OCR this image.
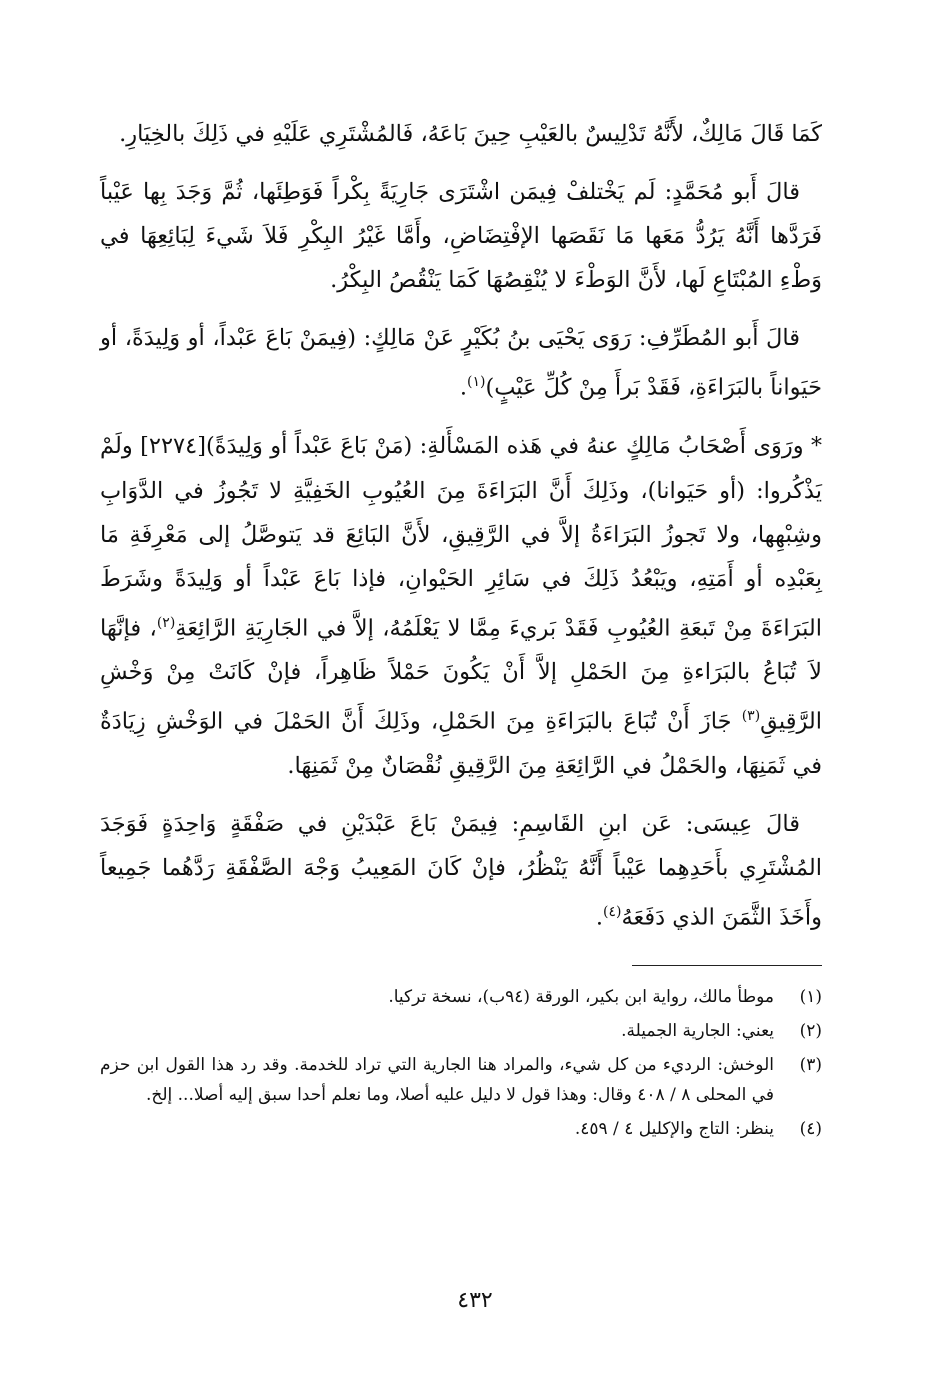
كَمَا قَالَ مَالِكٌ، لأَنَّهُ تَدْلِيسٌ بالعَيْبِ حِينَ بَاعَهُ، فَالمُشْتَرِي عَلَيْهِ في ذَلِكَ بالخِيَارِ.

قالَ أَبو مُحَمَّدٍ: لَم يَخْتلفْ فِيمَن اشْتَرَى جَارِيَةً بِكْراً فَوَطِئَها، ثُمَّ وَجَدَ بِها عَيْباً فَرَدَّها أَنَّهُ يَرُدُّ مَعَها مَا نَقَصَها الإفْتِضَاضِ، وأَمَّا غَيْرُ البِكْرِ فَلاَ شَيءَ لِبَائِعِهَا في وَطْءِ المُبْتَاعِ لَها، لأَنَّ الوَطْءَ لا يُنْقِصُهَا كَمَا يَنْقُصُ البِكْرُ.

قالَ أَبو المُطَرِّفِ: رَوَى يَحْيَى بنُ بُكَيْرٍ عَنْ مَالِكٍ: (فِيمَنْ بَاعَ عَبْداً، أو وَلِيدَةً، أو حَيَواناً بالبَرَاءَةِ، فَقَدْ بَرأَ مِنْ كُلِّ عَيْبٍ)$^{(١)}$.

* ورَوَى أَصْحَابُ مَالِكٍ عنهُ في هَذه المَسْأَلةِ: (مَنْ بَاعَ عَبْداً أو وَلِيدَةً)[٢٢٧٤] ولَمْ يَذْكُروا: (أو حَيَوانا)، وذَلِكَ أَنَّ البَرَاءَةَ مِنَ العُيُوبِ الخَفِيَّةِ لا تَجُوزُ في الدَّوَابِ وشِبْهِها، ولا تَجوزُ البَرَاءَةُ إلاَّ في الرَّقِيقِ، لأَنَّ البَائِعَ قد يَتوصَّلُ إلى مَعْرِفَةِ مَا بِعَبْدِه أو أَمَتِهِ، ويَبْعُدُ ذَلِكَ في سَائِرِ الحَيْوانِ، فإذا بَاعَ عَبْداً أو وَلِيدَةً وشَرَطَ البَرَاءَةَ مِنْ تَبعَةِ العُيُوبِ فَقَدْ بَريءَ مِمَّا لا يَعْلَمُهُ، إلاَّ في الجَارِيَةِ الرَّائِعَةِ$^{(٢)}$، فإنَّهَا لاَ تُبَاعُ بالبَرَاءةِ مِنَ الحَمْلِ إلاَّ أَنْ يَكُونَ حَمْلاً ظَاهِراً، فإنْ كَانَتْ مِنْ وَخْشِ الرَّقِيقِ$^{(٣)}$ جَازَ أَنْ تُبَاعَ بالبَرَاءَةِ مِنَ الحَمْلِ، وذَلِكَ أَنَّ الحَمْلَ في الوَخْشِ زِيَادَةٌ في ثَمَنِهَا، والحَمْلُ في الرَّائِعَةِ مِنَ الرَّقِيقِ نُقْصَانٌ مِنْ ثَمَنِهَا.

قالَ عِيسَى: عَن ابنِ القَاسِمِ: فِيمَنْ بَاعَ عَبْدَيْنِ في صَفْقَةٍ وَاحِدَةٍ فَوَجَدَ المُشْتَرِي بأَحَدِهِما عَيْباً أَنَّهُ يَنْظُرُ، فإنْ كَانَ المَعِيبُ وَجْهَ الصَّفْقَةِ رَدَّهُما جَمِيعاً وأَخَذَ الثَّمَنَ الذي دَفَعَهُ$^{(٤)}$.

(١)
موطأ مالك، رواية ابن بكير، الورقة (٩٤ب)، نسخة تركيا.
(٢)
يعني: الجارية الجميلة.
(٣)
الوخش: الرديء من كل شيء، والمراد هنا الجارية التي تراد للخدمة. وقد رد هذا القول ابن حزم في المحلى ٨ / ٤٠٨ وقال: وهذا قول لا دليل عليه أصلا، وما نعلم أحدا سبق إليه أصلا... إلخ.
(٤)
ينظر: التاج والإكليل ٤ / ٤٥٩.
٤٣٢
